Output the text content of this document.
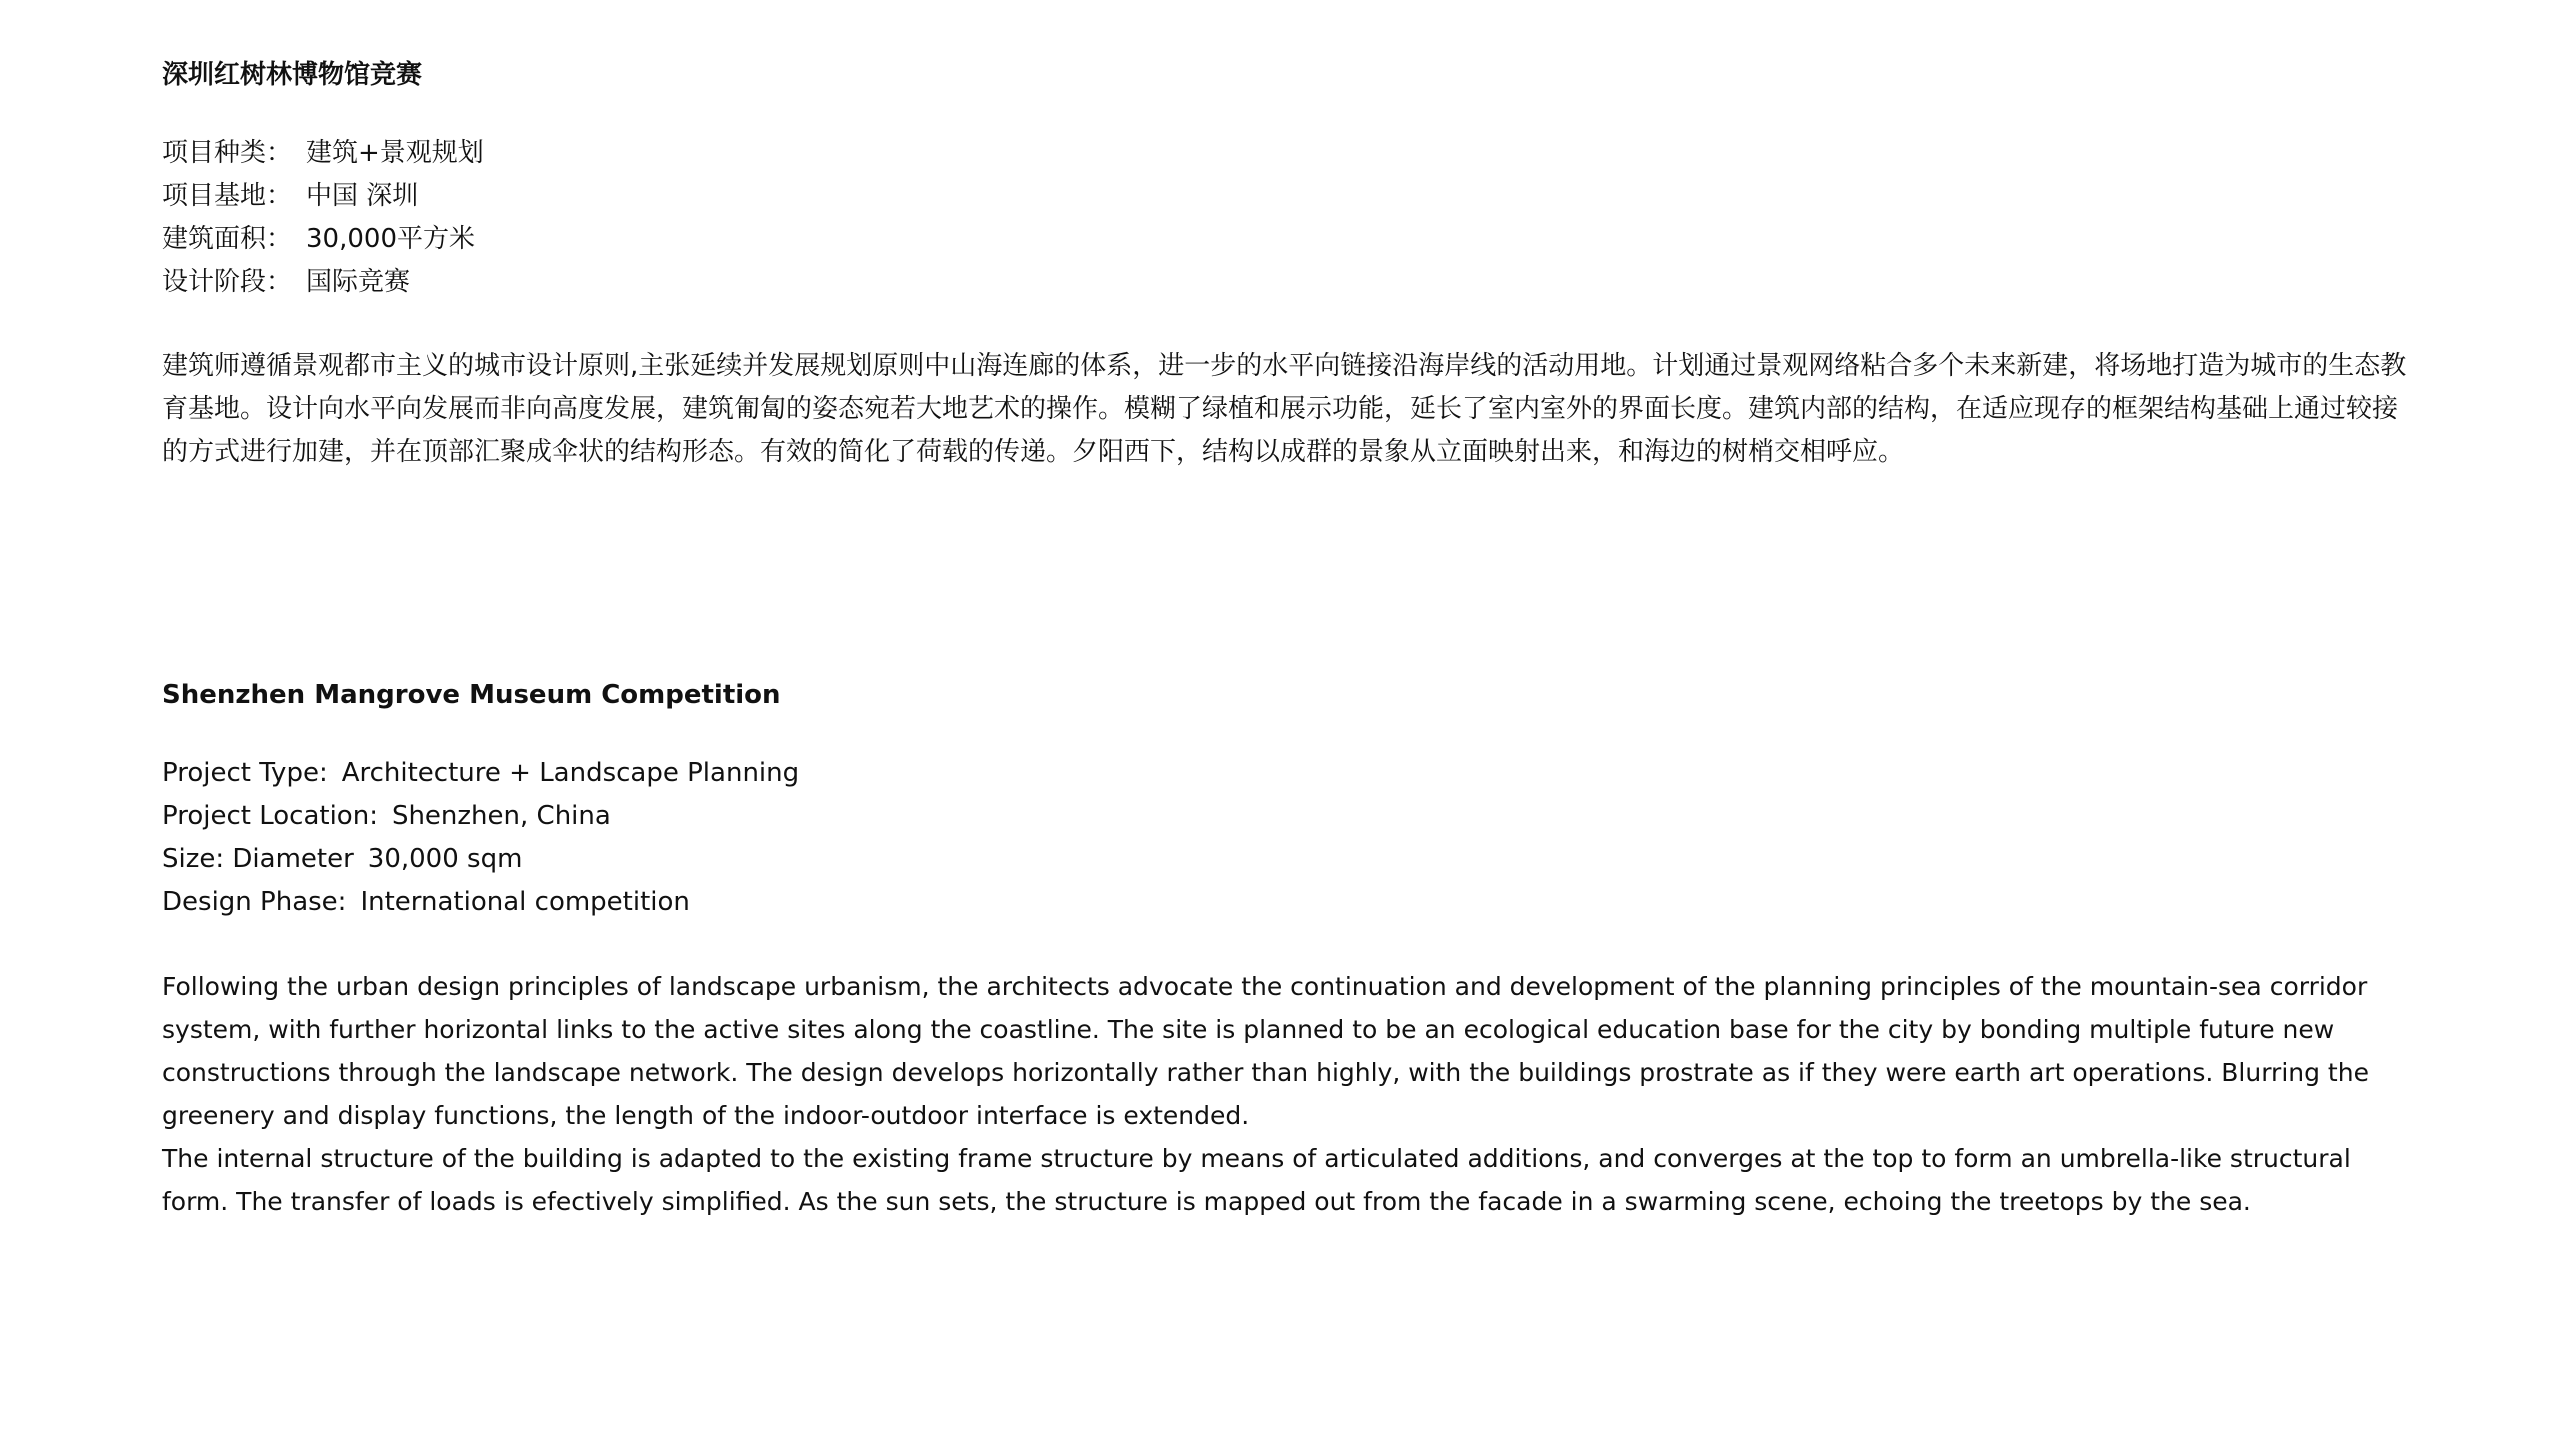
深圳红树林博物馆竞赛
项目种类： 建筑+景观规划
项目基地： 中国 深圳
建筑面积： 30,000平方米
设计阶段： 国际竞赛

建筑师遵循景观都市主义的城市设计原则,主张延续并发展规划原则中山海连廊的体系，进一步的水平向链接沿海岸线的活动用地。计划通过景观网络粘合多个未来新建，将场地打造为城市的生态教育基地。设计向水平向发展而非向高度发展，建筑匍匐的姿态宛若大地艺术的操作。模糊了绿植和展示功能，延长了室内室外的界面长度。建筑内部的结构，在适应现存的框架结构基础上通过较接的方式进行加建，并在顶部汇聚成伞状的结构形态。有效的简化了荷载的传递。夕阳西下，结构以成群的景象从立面映射出来，和海边的树梢交相呼应。

Shenzhen Mangrove Museum Competition
Project Type: Architecture + Landscape Planning
Project Location: Shenzhen, China
Size: Diameter 30,000 sqm
Design Phase: International competition

Following the urban design principles of landscape urbanism, the architects advocate the continuation and development of the planning principles of the mountain-sea corridor system, with further horizontal links to the active sites along the coastline. The site is planned to be an ecological education base for the city by bonding multiple future new constructions through the landscape network. The design develops horizontally rather than highly, with the buildings prostrate as if they were earth art operations. Blurring the greenery and display functions, the length of the indoor-outdoor interface is extended.

The internal structure of the building is adapted to the existing frame structure by means of articulated additions, and converges at the top to form an umbrella-like structural form. The transfer of loads is efectively simplified. As the sun sets, the structure is mapped out from the facade in a swarming scene, echoing the treetops by the sea.
